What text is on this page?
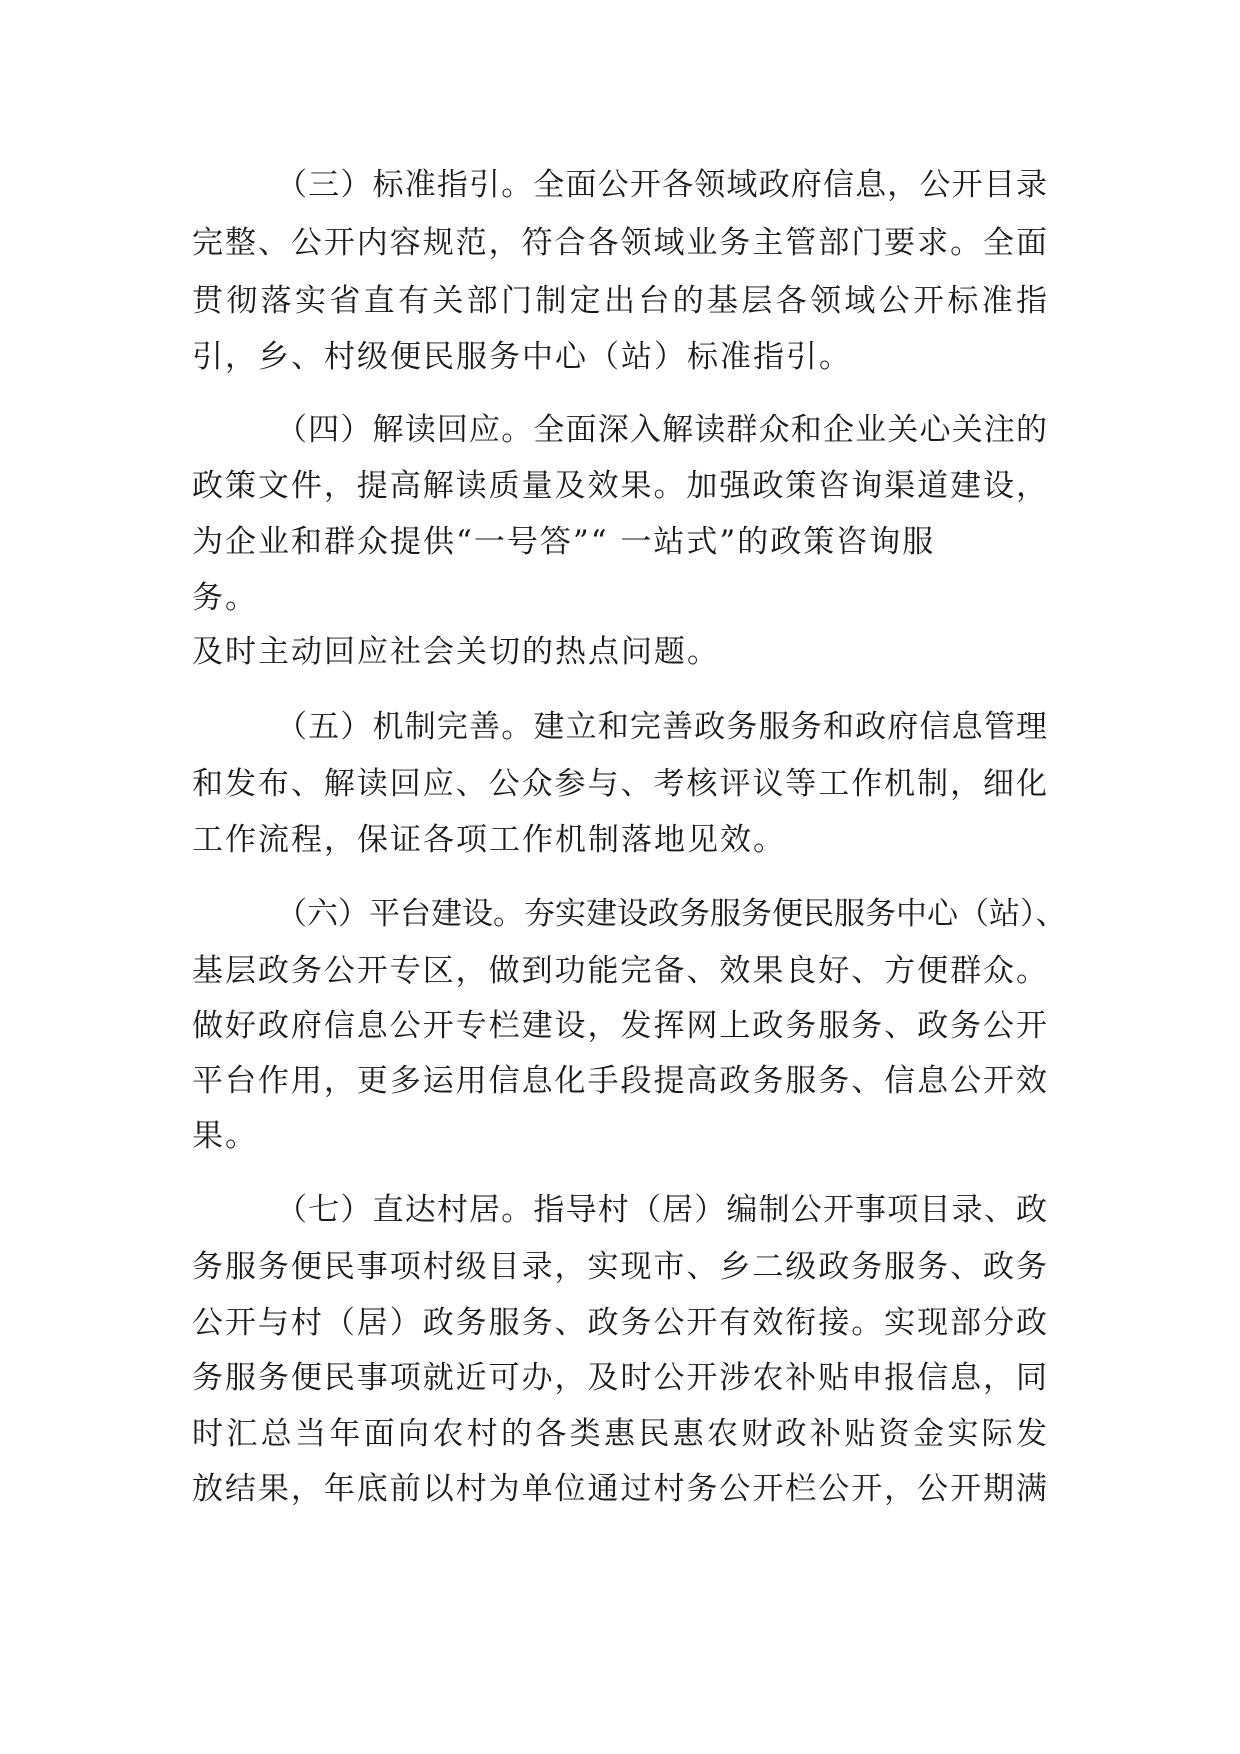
（三）标准指引。全面公开各领域政府信息，公开目录
完整、公开内容规范，符合各领域业务主管部门要求。全面
贯彻落实省直有关部门制定出台的基层各领域公开标准指
引，乡、村级便民服务中心（站）标准指引。
（四）解读回应。全面深入解读群众和企业关心关注的
政策文件，提高解读质量及效果。加强政策咨询渠道建设，
为企业和群众提供“一号答”“ 一站式”的政策咨询服
务。
及时主动回应社会关切的热点问题。
（五）机制完善。建立和完善政务服务和政府信息管理
和发布、解读回应、公众参与、考核评议等工作机制，细化
工作流程，保证各项工作机制落地见效。
（六）平台建设。夯实建设政务服务便民服务中心（站）、
基层政务公开专区，做到功能完备、效果良好、方便群众。
做好政府信息公开专栏建设，发挥网上政务服务、政务公开
平台作用，更多运用信息化手段提高政务服务、信息公开效
果。
（七）直达村居。指导村（居）编制公开事项目录、政
务服务便民事项村级目录，实现市、乡二级政务服务、政务
公开与村（居）政务服务、政务公开有效衔接。实现部分政
务服务便民事项就近可办，及时公开涉农补贴申报信息，同
时汇总当年面向农村的各类惠民惠农财政补贴资金实际发
放结果，年底前以村为单位通过村务公开栏公开，公开期满
